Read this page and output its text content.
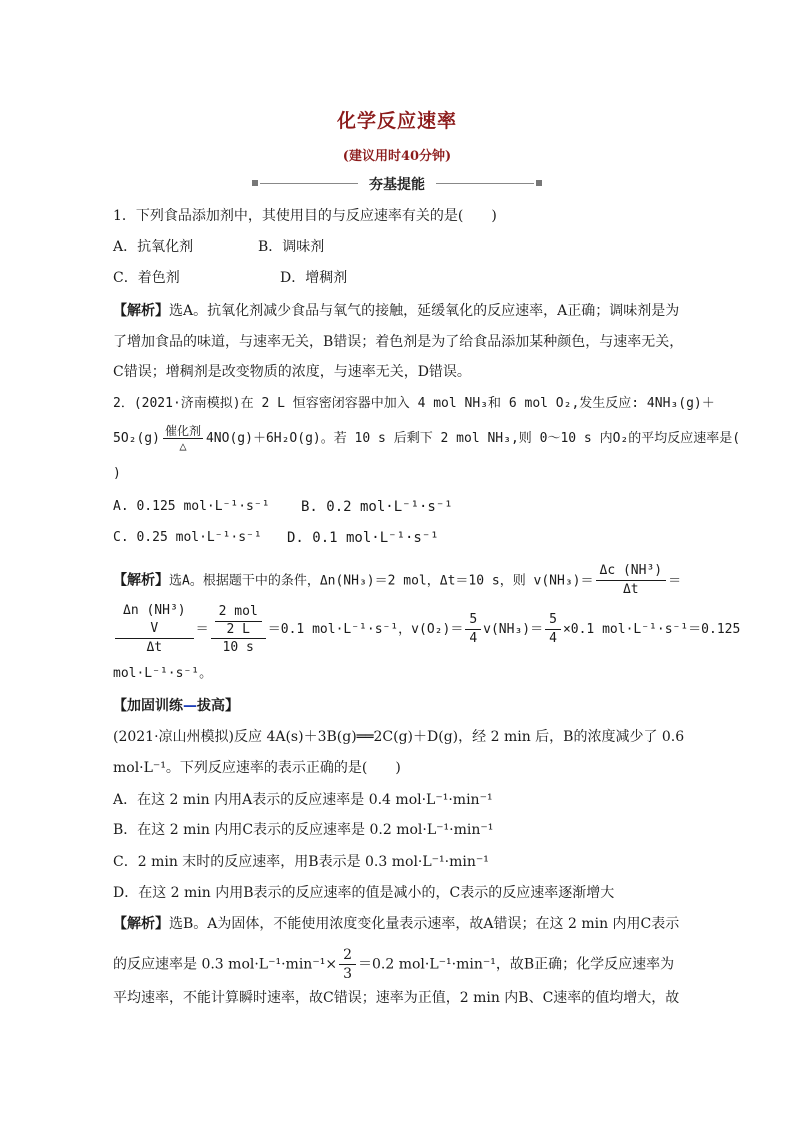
化学反应速率
(建议用时40分钟)
夯基提能
1．下列食品添加剂中，其使用目的与反应速率有关的是(　　)
A．抗氧化剂	B．调味剂
C．着色剂	D．增稠剂
【解析】选A。抗氧化剂减少食品与氧气的接触，延缓氧化的反应速率，A正确；调味剂是为
了增加食品的味道，与速率无关，B错误；着色剂是为了给食品添加某种颜色，与速率无关，
C错误；增稠剂是改变物质的浓度，与速率无关，D错误。
2．(2021·济南模拟)在 2 L 恒容密闭容器中加入 4 mol NH₃和 6 mol O₂,发生反应: 4NH₃(g)＋
5O₂(g) 催化剂
△	4NO(g)＋6H₂O(g)。若 10 s 后剩下 2 mol NH₃,则 0～10 s 内O₂的平均反应速率是(
)
A. 0.125 mol·L⁻¹·s⁻¹ B. 0.2 mol·L⁻¹·s⁻¹
C. 0.25 mol·L⁻¹·s⁻¹ D. 0.1 mol·L⁻¹·s⁻¹
【解析】选A。根据题干中的条件，Δn(NH₃)＝2 mol，Δt＝10 s，则 $v(NH_3)= \frac{\text{Δc (NH³)}}{\Delta t}$ ＝
Δn (NH³)
V
$\Delta t = \frac{\frac{\text{2 mol}}{2 L}}{10 s} =0.1$ mol·L⁻¹·s⁻¹，$v(O_2)= \frac{5}{4} v(NH_3)= \frac{5}{4} \times 0.1$ mol·L⁻¹·s⁻¹＝0.125
mol·L⁻¹·s⁻¹。
【加固训练—拔高】
(2021·凉山州模拟)反应 4A(s)＋3B(g)══2C(g)＋D(g)，经 2 min 后，B的浓度减少了 0.6
mol·L⁻¹。下列反应速率的表示正确的是(　　)
A．在这 2 min 内用A表示的反应速率是 0.4 mol·L⁻¹·min⁻¹
B．在这 2 min 内用C表示的反应速率是 0.2 mol·L⁻¹·min⁻¹
C．2 min 末时的反应速率，用B表示是 0.3 mol·L⁻¹·min⁻¹
D．在这 2 min 内用B表示的反应速率的值是减小的，C表示的反应速率逐渐增大
【解析】选B。A为固体，不能使用浓度变化量表示速率，故A错误；在这 2 min 内用C表示
的反应速率是 0.3 $mol\cdot L^{-1}\cdot\min^{-1}\times \frac{2}{3} =0.2$ mol·L⁻¹·min⁻¹，故B正确；化学反应速率为
平均速率，不能计算瞬时速率，故C错误；速率为正值，2 min 内B、C速率的值均增大，故
